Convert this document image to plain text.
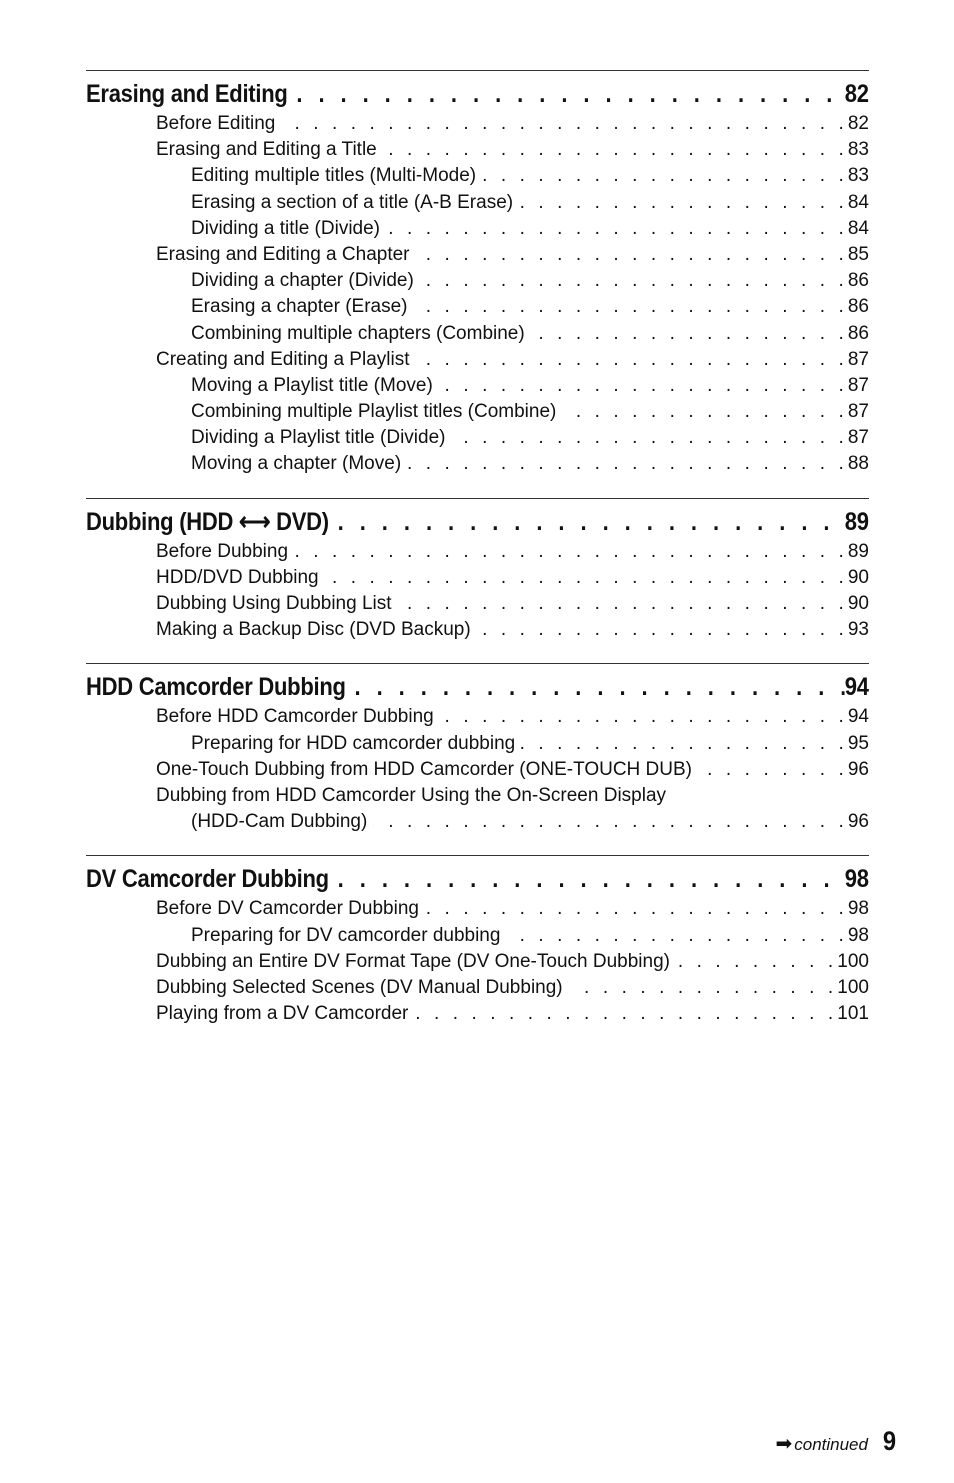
Erasing and Editing . . .	82
Before Editing . . .	82
Erasing and Editing a Title . . .	83
Editing multiple titles (Multi-Mode) . . .	83
Erasing a section of a title (A-B Erase) . . .	84
Dividing a title (Divide) . . .	84
Erasing and Editing a Chapter . . .	85
Dividing a chapter (Divide) . . .	86
Erasing a chapter (Erase) . . .	86
Combining multiple chapters (Combine) . . .	86
Creating and Editing a Playlist . . .	87
Moving a Playlist title (Move) . . .	87
Combining multiple Playlist titles (Combine) . . .	87
Dividing a Playlist title (Divide) . . .	87
Moving a chapter (Move) . . .	88
Dubbing (HDD ⟷ DVD) . . .	89
Before Dubbing . . .	89
HDD/DVD Dubbing . . .	90
Dubbing Using Dubbing List . . .	90
Making a Backup Disc (DVD Backup) . . .	93
HDD Camcorder Dubbing . . .	94
Before HDD Camcorder Dubbing . . .	94
Preparing for HDD camcorder dubbing . . .	95
One-Touch Dubbing from HDD Camcorder (ONE-TOUCH DUB) . . .	96
Dubbing from HDD Camcorder Using the On-Screen Display
(HDD-Cam Dubbing) . . .	96
DV Camcorder Dubbing . . .	98
Before DV Camcorder Dubbing . . .	98
Preparing for DV camcorder dubbing . . .	98
Dubbing an Entire DV Format Tape (DV One-Touch Dubbing) . . .	100
Dubbing Selected Scenes (DV Manual Dubbing) . . .	100
Playing from a DV Camcorder . . .	101
➡ continued 9
